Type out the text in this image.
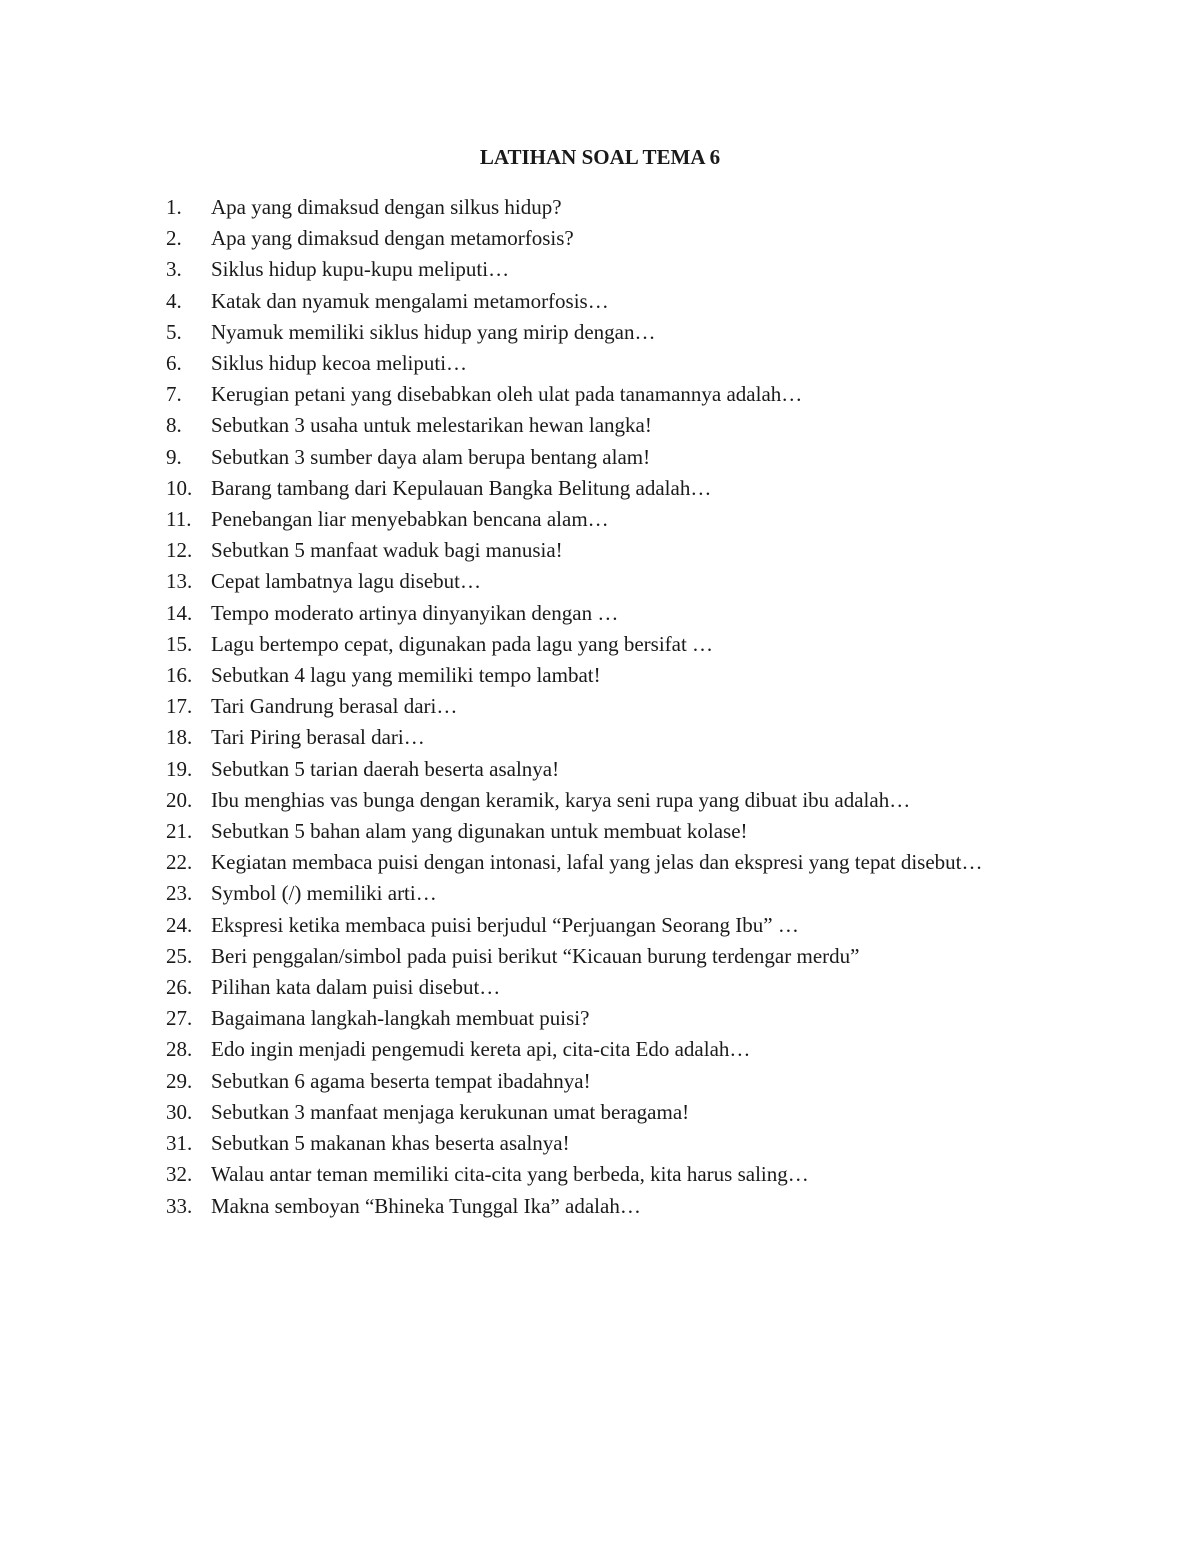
LATIHAN SOAL TEMA 6
1.	Apa yang dimaksud dengan silkus hidup?
2.	Apa yang dimaksud dengan metamorfosis?
3.	Siklus hidup kupu-kupu meliputi…
4.	Katak dan nyamuk mengalami metamorfosis…
5.	Nyamuk memiliki siklus hidup yang mirip dengan…
6.	Siklus hidup kecoa meliputi…
7.	Kerugian petani yang disebabkan oleh ulat pada tanamannya adalah…
8.	Sebutkan 3 usaha untuk melestarikan hewan langka!
9.	Sebutkan 3 sumber daya alam berupa bentang alam!
10. Barang tambang dari Kepulauan Bangka Belitung adalah…
11. Penebangan liar menyebabkan bencana alam…
12. Sebutkan 5 manfaat waduk bagi manusia!
13. Cepat lambatnya lagu disebut…
14. Tempo moderato artinya dinyanyikan dengan …
15. Lagu bertempo cepat, digunakan pada lagu yang bersifat …
16. Sebutkan 4 lagu yang memiliki tempo lambat!
17. Tari Gandrung berasal dari…
18. Tari Piring berasal dari…
19. Sebutkan 5 tarian daerah beserta asalnya!
20. Ibu menghias vas bunga dengan keramik, karya seni rupa yang dibuat ibu adalah…
21. Sebutkan 5 bahan alam yang digunakan untuk membuat kolase!
22. Kegiatan membaca puisi dengan intonasi, lafal yang jelas dan ekspresi yang tepat disebut…
23. Symbol (/) memiliki arti…
24. Ekspresi ketika membaca puisi berjudul “Perjuangan Seorang Ibu” …
25. Beri penggalan/simbol pada puisi berikut “Kicauan burung terdengar merdu”
26. Pilihan kata dalam puisi disebut…
27. Bagaimana langkah-langkah membuat puisi?
28. Edo ingin menjadi pengemudi kereta api, cita-cita Edo adalah…
29. Sebutkan 6 agama beserta tempat ibadahnya!
30. Sebutkan 3 manfaat menjaga kerukunan umat beragama!
31. Sebutkan 5 makanan khas beserta asalnya!
32. Walau antar teman memiliki cita-cita yang berbeda, kita harus saling…
33. Makna semboyan “Bhineka Tunggal Ika” adalah…
